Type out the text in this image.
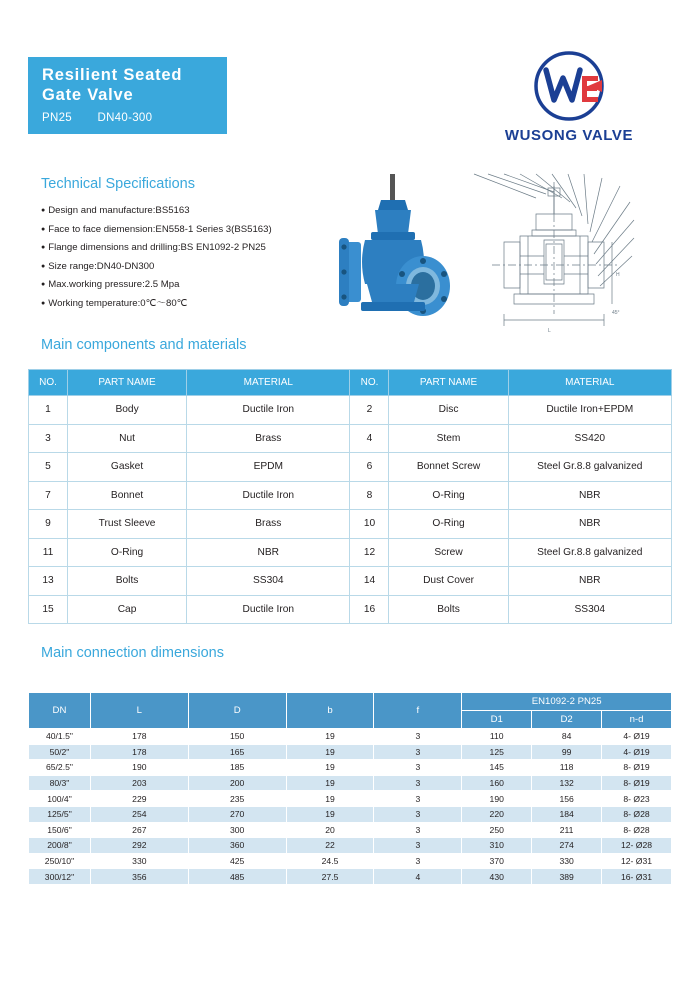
Resilient Seated
Gate Valve
PN25 DN40-300
WUSONG VALVE
Technical Specifications
● Design and manufacture:BS5163
● Face to face diemension:EN558-1 Series 3(BS5163)
● Flange dimensions and drilling:BS EN1092-2 PN25
● Size range:DN40-DN300
● Max.working pressure:2.5 Mpa
● Working temperature:0℃～80℃
L
H
45°
Main components and materials
NO.	PART NAME	MATERIAL	NO.	PART NAME	MATERIAL
1	Body	Ductile Iron	2	Disc	Ductile Iron+EPDM
3	Nut	Brass	4	Stem	SS420
5	Gasket	EPDM	6	Bonnet Screw	Steel Gr.8.8 galvanized
7	Bonnet	Ductile Iron	8	O-Ring	NBR
9	Trust Sleeve	Brass	10	O-Ring	NBR
11	O-Ring	NBR	12	Screw	Steel Gr.8.8 galvanized
13	Bolts	SS304	14	Dust Cover	NBR
15	Cap	Ductile Iron	16	Bolts	SS304
Main connection dimensions
DN	L	D	b	f	EN1092-2 PN25		
					D1	D2	n-d
40/1.5"	178	150	19	3	110	84	4- Ø19
50/2"	178	165	19	3	125	99	4- Ø19
65/2.5"	190	185	19	3	145	118	8- Ø19
80/3"	203	200	19	3	160	132	8- Ø19
100/4"	229	235	19	3	190	156	8- Ø23
125/5"	254	270	19	3	220	184	8- Ø28
150/6"	267	300	20	3	250	211	8- Ø28
200/8"	292	360	22	3	310	274	12- Ø28
250/10"	330	425	24.5	3	370	330	12- Ø31
300/12"	356	485	27.5	4	430	389	16- Ø31
